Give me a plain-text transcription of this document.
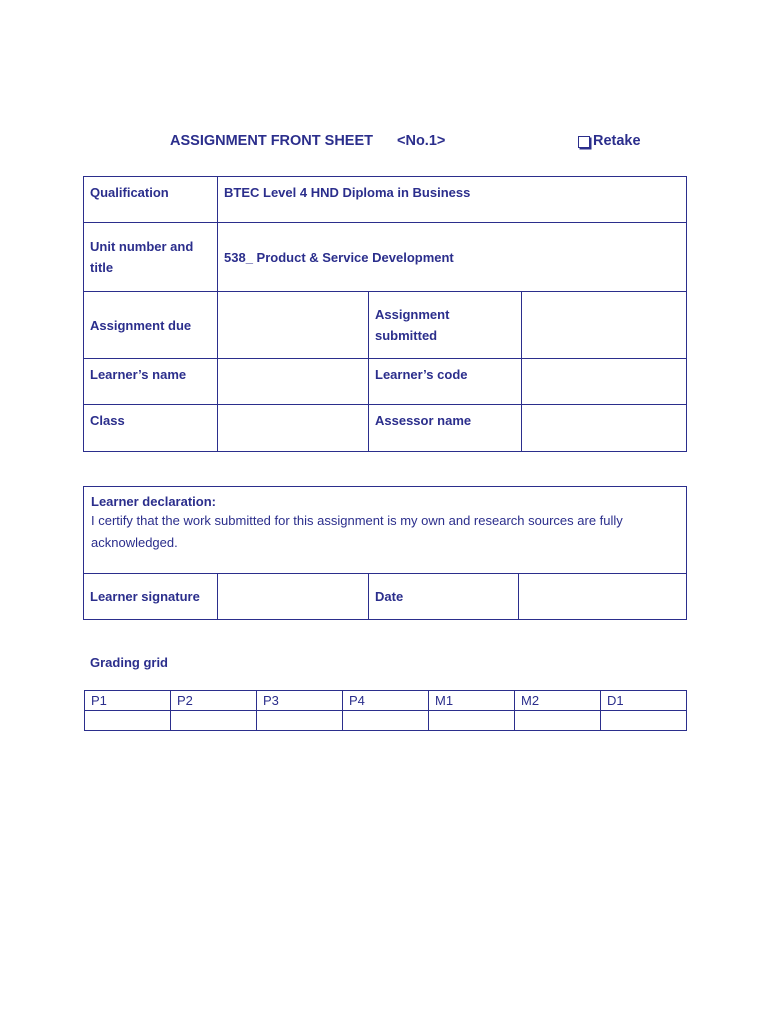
ASSIGNMENT FRONT SHEET <No.1>	Retake
Qualification	BTEC Level 4 HND Diploma in Business		
Unit number and title	538_ Product & Service Development		
Assignment due		Assignment submitted	
Learner’s name		Learner’s code	
Class		Assessor name	
Learner declaration:
I certify that the work submitted for this assignment is my own and research sources are fully acknowledged.

Learner signature		Date	
Grading grid
P1	P2	P3	P4	M1	M2	D1
